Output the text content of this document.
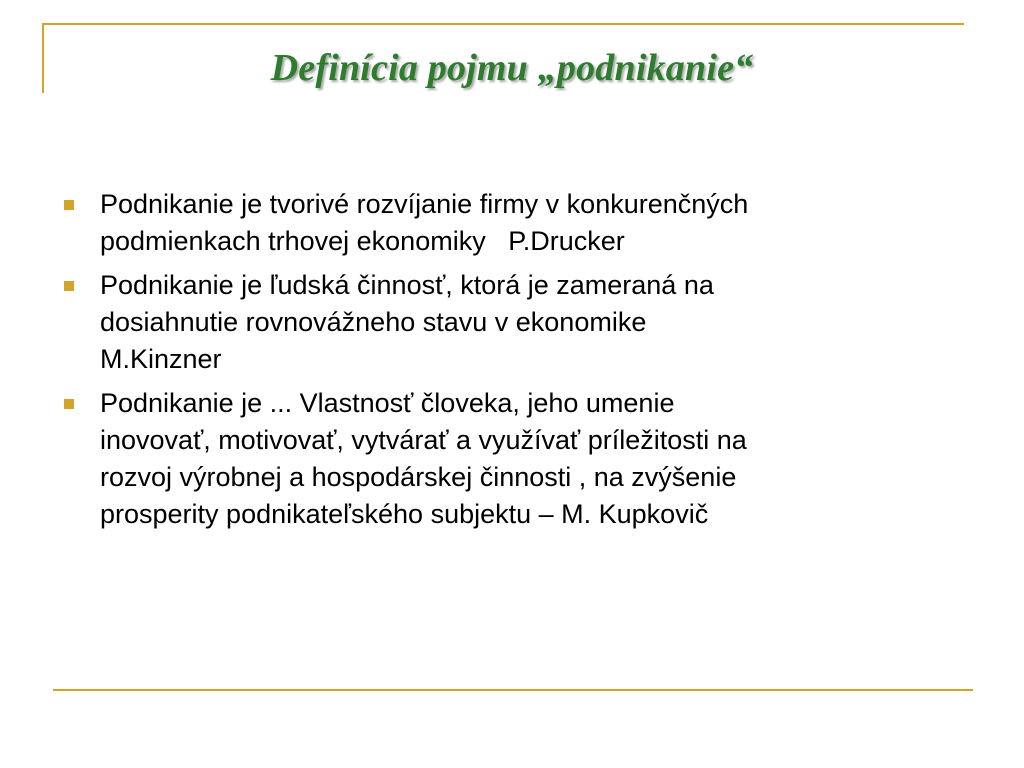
Definícia pojmu „podnikanie“
Podnikanie je tvorivé rozvíjanie firmy v konkurenčných
podmienkach trhovej ekonomiky   P.Drucker
Podnikanie je ľudská činnosť, ktorá je zameraná na
dosiahnutie rovnovážneho stavu v ekonomike
M.Kinzner
Podnikanie je ... Vlastnosť človeka, jeho umenie
inovovať, motivovať, vytvárať a využívať príležitosti na
rozvoj výrobnej a hospodárskej činnosti , na zvýšenie
prosperity podnikateľského subjektu – M. Kupkovič
